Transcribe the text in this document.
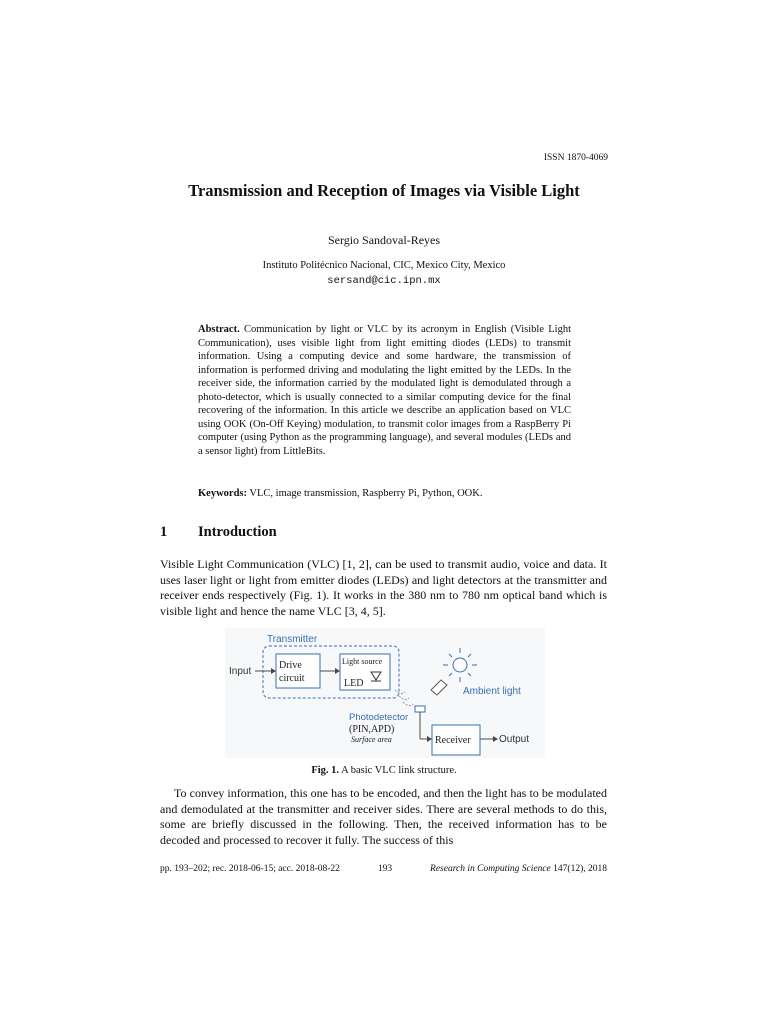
ISSN 1870-4069
Transmission and Reception of Images via Visible Light
Sergio Sandoval-Reyes
Instituto Politécnico Nacional, CIC, Mexico City, Mexico
sersand@cic.ipn.mx

Abstract. Communication by light or VLC by its acronym in English (Visible Light Communication), uses visible light from light emitting diodes (LEDs) to transmit information. Using a computing device and some hardware, the transmission of information is performed driving and modulating the light emitted by the LEDs. In the receiver side, the information carried by the modulated light is demodulated through a photo-detector, which is usually connected to a similar computing device for the final recovering of the information. In this article we describe an application based on VLC using OOK (On-Off Keying) modulation, to transmit color images from a RaspBerry Pi computer (using Python as the programming language), and several modules (LEDs and a sensor light) from LittleBits.

Keywords: VLC, image transmission, Raspberry Pi, Python, OOK.

1 Introduction

Visible Light Communication (VLC) [1, 2], can be used to transmit audio, voice and data. It uses laser light or light from emitter diodes (LEDs) and light detectors at the transmitter and receiver ends respectively (Fig. 1). It works in the 380 nm to 780 nm optical band which is visible light and hence the name VLC [3, 4, 5].

Transmitter
Input
Drive
circuit
Light source
LED
Ambient light
Photodetector
(PIN,APD)
Surface area	Receiver	Output
Fig. 1. A basic VLC link structure.

To convey information, this one has to be encoded, and then the light has to be modulated and demodulated at the transmitter and receiver sides. There are several methods to do this, some are briefly discussed in the following. Then, the received information has to be decoded and processed to recover it fully. The success of this

pp. 193–202; rec. 2018-06-15; acc. 2018-08-22	193	Research in Computing Science 147(12), 2018
